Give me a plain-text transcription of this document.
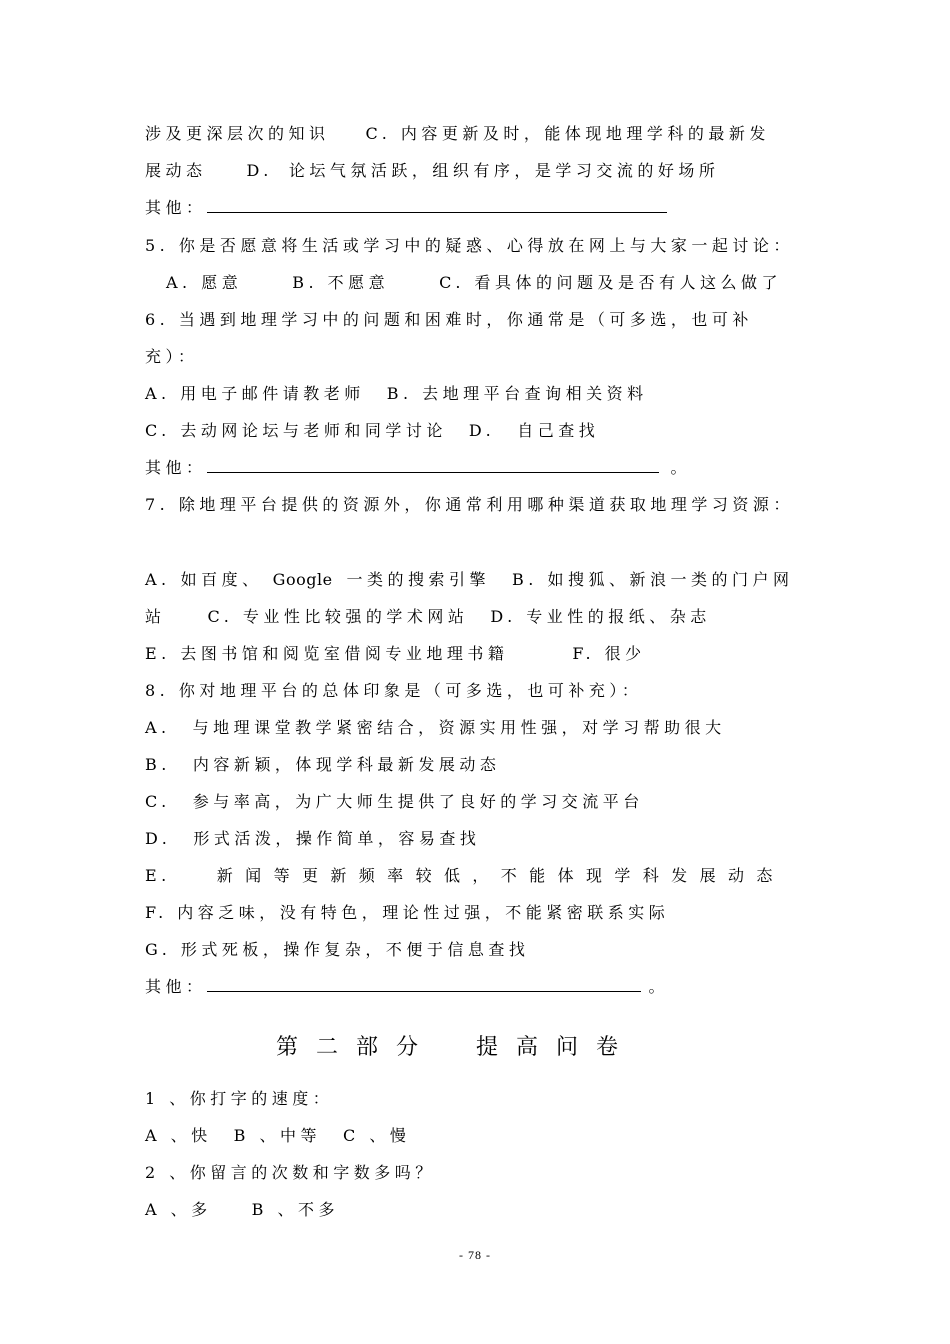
涉及更深层次的知识 C. 内容更新及时，能体现地理学科的最新发
展动态	D. 论坛气氛活跃，组织有序，是学习交流的好场所
其他：
5. 你是否愿意将生活或学习中的疑惑、心得放在网上与大家一起讨论：
A. 愿意	B. 不愿意	C. 看具体的问题及是否有人这么做了
6. 当遇到地理学习中的问题和困难时，你通常是（可多选，也可补
充）：
A. 用电子邮件请教老师 B. 去地理平台查询相关资料
C. 去动网论坛与老师和同学讨论 D. 自己查找
其他：	。
7. 除地理平台提供的资源外，你通常利用哪种渠道获取地理学习资源：
A. 如百度、 Google 一类的搜索引擎 B. 如搜狐、新浪一类的门户网
站	C. 专业性比较强的学术网站 D. 专业性的报纸、杂志
E. 去图书馆和阅览室借阅专业地理书籍	F. 很少
8. 你对地理平台的总体印象是（可多选，也可补充）：
A. 与地理课堂教学紧密结合，资源实用性强，对学习帮助很大
B. 内容新颖，体现学科最新发展动态
C. 参与率高，为广大师生提供了良好的学习交流平台
D. 形式活泼，操作简单，容易查找
E.	新闻等更新频率较低，不能体现学科发展动态
F. 内容乏味，没有特色，理论性过强，不能紧密联系实际
G. 形式死板，操作复杂，不便于信息查找
其他：	。
第二部分 提高问卷
1 、你打字的速度：
A 、快 B 、中等 C 、慢
2 、你留言的次数和字数多吗？
A 、多	B 、不多
- 78 -
